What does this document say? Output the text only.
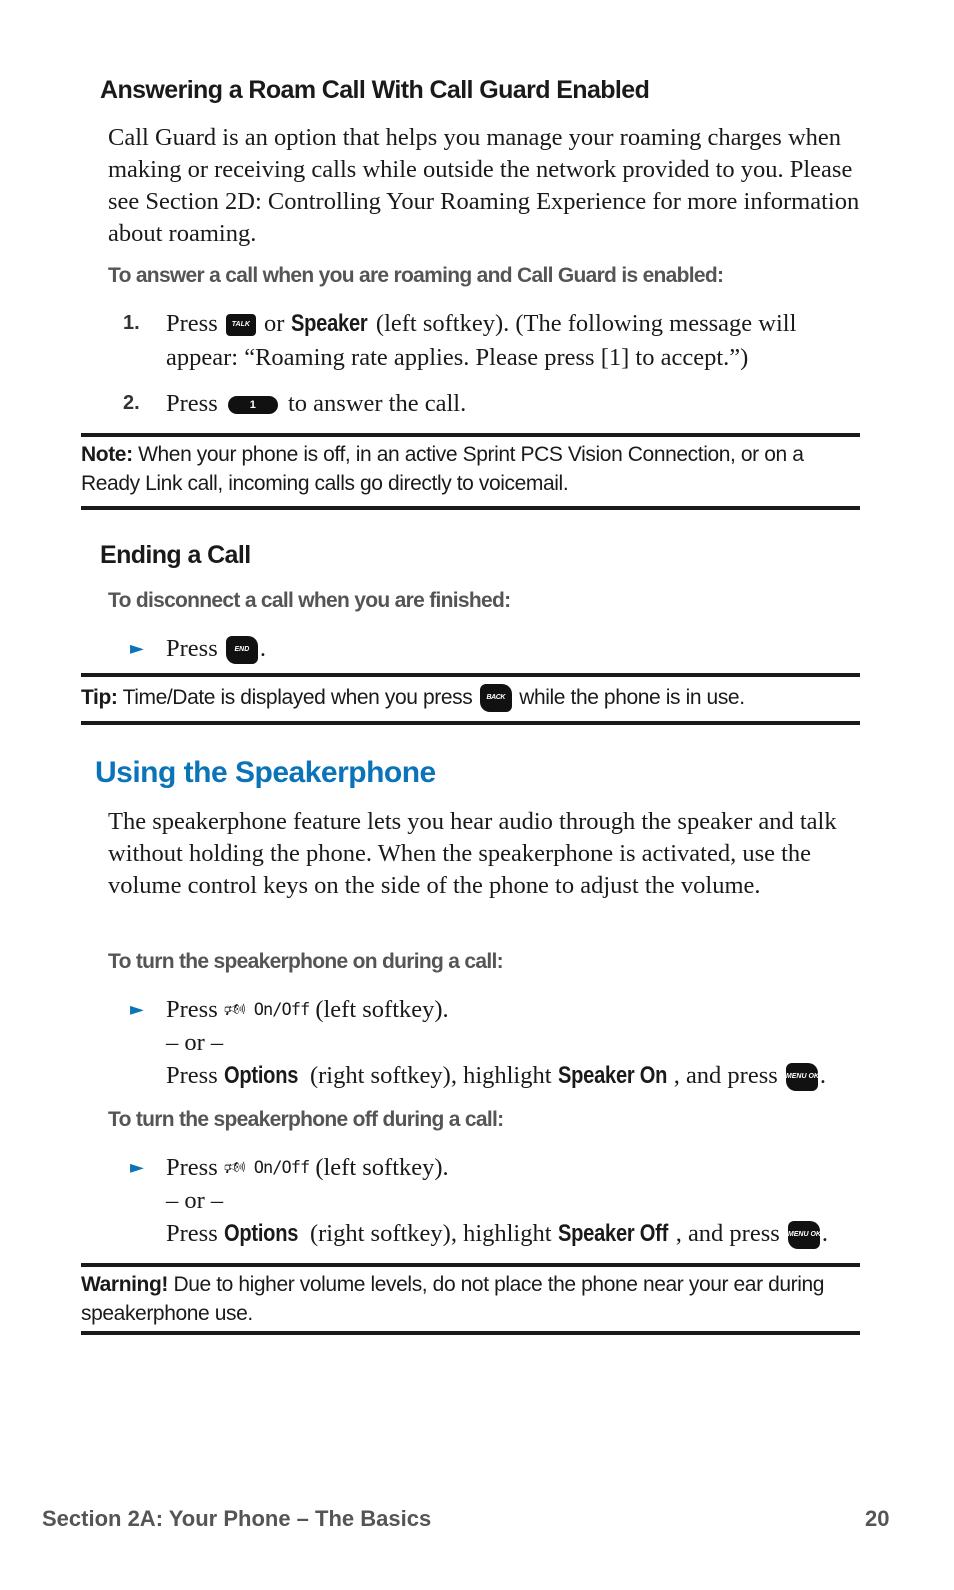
Answering a Roam Call With Call Guard Enabled
Call Guard is an option that helps you manage your roaming charges when making or receiving calls while outside the network provided to you. Please see Section 2D: Controlling Your Roaming Experience for more information about roaming.
To answer a call when you are roaming and Call Guard is enabled:
1. Press TALK or Speaker (left softkey). (The following message will
appear: “Roaming rate applies. Please press [1] to accept.”)
2. Press	1 to answer the call.
Note: When your phone is off, in an active Sprint PCS Vision Connection, or on a Ready Link call, incoming calls go directly to voicemail.
Ending a Call
To disconnect a call when you are finished:
► Press END .
Tip: Time/Date is displayed when you press BACK while the phone is in use.
Using the Speakerphone
The speakerphone feature lets you hear audio through the speaker and talk without holding the phone. When the speakerphone is activated, use the volume control keys on the side of the phone to adjust the volume.
To turn the speakerphone on during a call:
► Press 🕬 On/Off (left softkey).
– or –
Press Options (right softkey), highlight Speaker On , and press MENU OK.
To turn the speakerphone off during a call:
► Press 🕬 On/Off (left softkey).
– or –
Press Options (right softkey), highlight Speaker Off , and press MENU OK.
Warning! Due to higher volume levels, do not place the phone near your ear during speakerphone use.
Section 2A: Your Phone – The Basics	20
